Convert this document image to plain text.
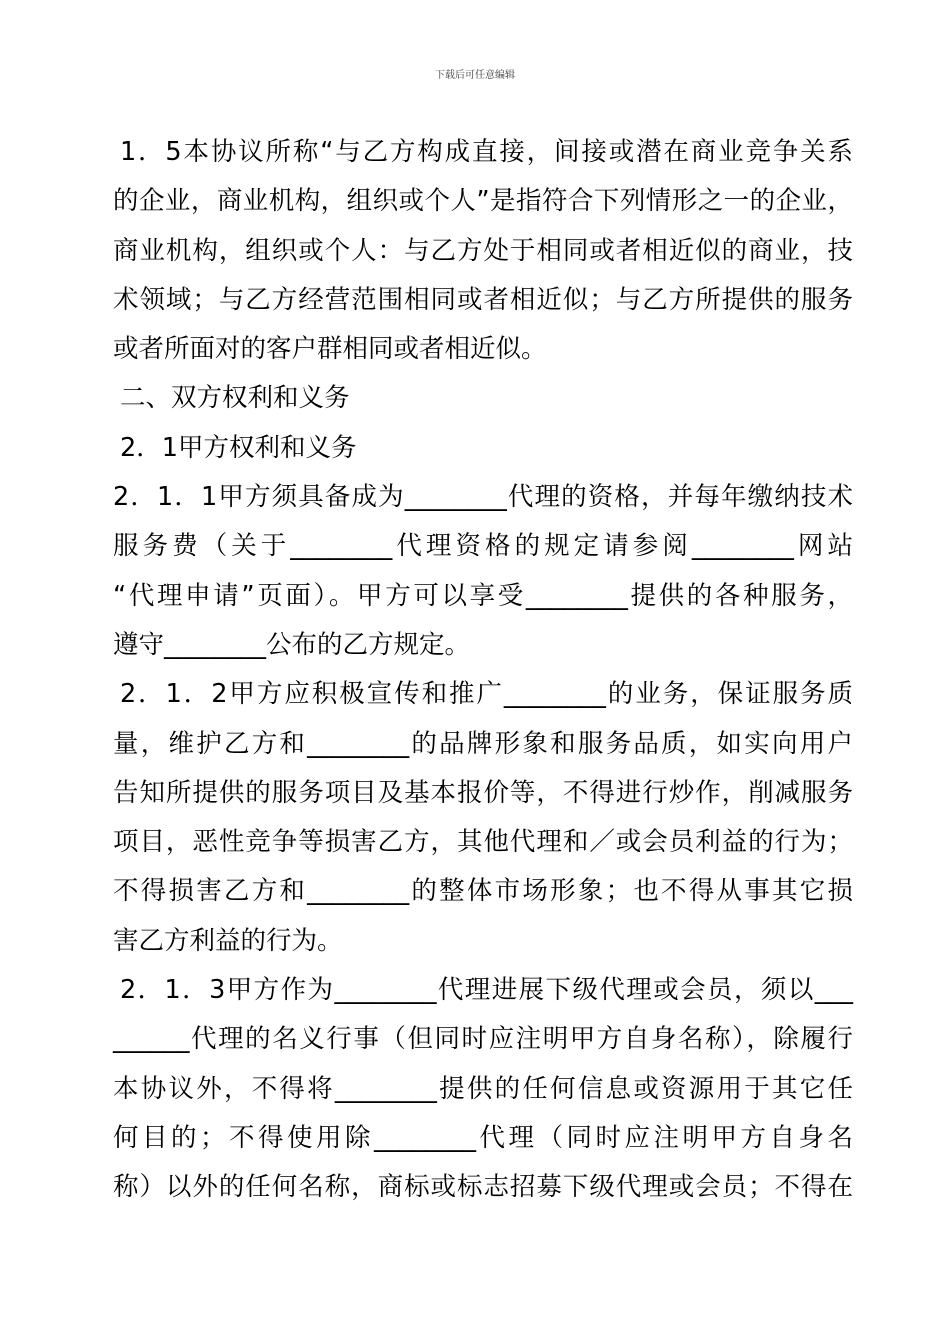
下载后可任意编辑
1．5本协议所称“与乙方构成直接，间接或潜在商业竞争关系
的企业，商业机构，组织或个人”是指符合下列情形之一的企业，
商业机构，组织或个人：与乙方处于相同或者相近似的商业，技
术领域；与乙方经营范围相同或者相近似；与乙方所提供的服务
或者所面对的客户群相同或者相近似。
二、双方权利和义务
2．1甲方权利和义务
2．1．1甲方须具备成为________代理的资格，并每年缴纳技术
服务费（关于________代理资格的规定请参阅________网站
“代理申请”页面）。甲方可以享受________提供的各种服务，
遵守________公布的乙方规定。
2．1．2甲方应积极宣传和推广________的业务，保证服务质
量，维护乙方和________的品牌形象和服务品质，如实向用户
告知所提供的服务项目及基本报价等，不得进行炒作，削减服务
项目，恶性竞争等损害乙方，其他代理和／或会员利益的行为；
不得损害乙方和________的整体市场形象；也不得从事其它损
害乙方利益的行为。
2．1．3甲方作为________代理进展下级代理或会员，须以___
______代理的名义行事（但同时应注明甲方自身名称），除履行
本协议外，不得将________提供的任何信息或资源用于其它任
何目的；不得使用除________代理（同时应注明甲方自身名
称）以外的任何名称，商标或标志招募下级代理或会员；不得在
